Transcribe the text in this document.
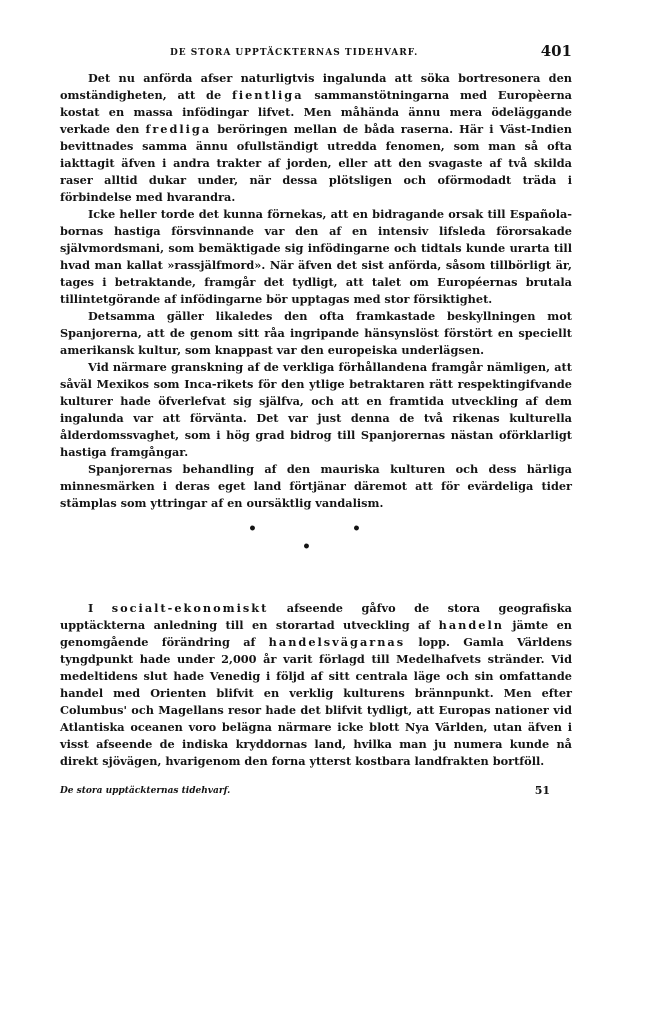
DE STORA UPPTÄCKTERNAS TIDEHVARF.	401

Det nu anförda afser naturligtvis ingalunda att söka bortresonera den omständigheten, att de fientliga sammanstötningarna med Europèerna kostat en massa infödingar lifvet. Men måhända ännu mera ödeläggande verkade den fredliga beröringen mellan de båda raserna. Här i Väst-Indien bevittnades samma ännu ofullständigt utredda fenomen, som man så ofta iakttagit äfven i andra trakter af jorden, eller att den svagaste af två skilda raser alltid dukar under, när dessa plötsligen och oförmodadt träda i förbindelse med hvarandra.

Icke heller torde det kunna förnekas, att en bidragande orsak till Española-bornas hastiga försvinnande var den af en intensiv lifsleda förorsakade självmordsmani, som bemäktigade sig infödingarne och tidtals kunde urarta till hvad man kallat »rassjälfmord». När äfven det sist anförda, såsom tillbörligt är, tages i betraktande, framgår det tydligt, att talet om Européernas brutala tillintetgörande af infödingarne bör upptagas med stor försiktighet.

Detsamma gäller likaledes den ofta framkastade beskyllningen mot Spanjorerna, att de genom sitt råa ingripande hänsynslöst förstört en speciellt amerikansk kultur, som knappast var den europeiska underlägsen.

Vid närmare granskning af de verkliga förhållandena framgår nämligen, att såväl Mexikos som Inca-rikets för den ytlige betraktaren rätt respektingifvande kulturer hade öfverlefvat sig själfva, och att en framtida utveckling af dem ingalunda var att förvänta. Det var just denna de två rikenas kulturella ålderdomssvaghet, som i hög grad bidrog till Spanjorernas nästan oförklarligt hastiga framgångar.

Spanjorernas behandling af den mauriska kulturen och dess härliga minnesmärken i deras eget land förtjänar däremot att för evärdeliga tider stämplas som yttringar af en oursäktlig vandalism.

•	•
•

I socialt-ekonomiskt afseende gåfvo de stora geografiska upptäckterna anledning till en storartad utveckling af handeln jämte en genomgående förändring af handelsvägarnas lopp. Gamla Världens tyngdpunkt hade under 2,000 år varit förlagd till Medelhafvets stränder. Vid medeltidens slut hade Venedig i följd af sitt centrala läge och sin omfattande handel med Orienten blifvit en verklig kulturens brännpunkt. Men efter Columbus' och Magellans resor hade det blifvit tydligt, att Europas nationer vid Atlantiska oceanen voro belägna närmare icke blott Nya Världen, utan äfven i visst afseende de indiska kryddornas land, hvilka man ju numera kunde nå direkt sjövägen, hvarigenom den forna ytterst kostbara landfrakten bortföll.

De stora upptäckternas tidehvarf.	51
